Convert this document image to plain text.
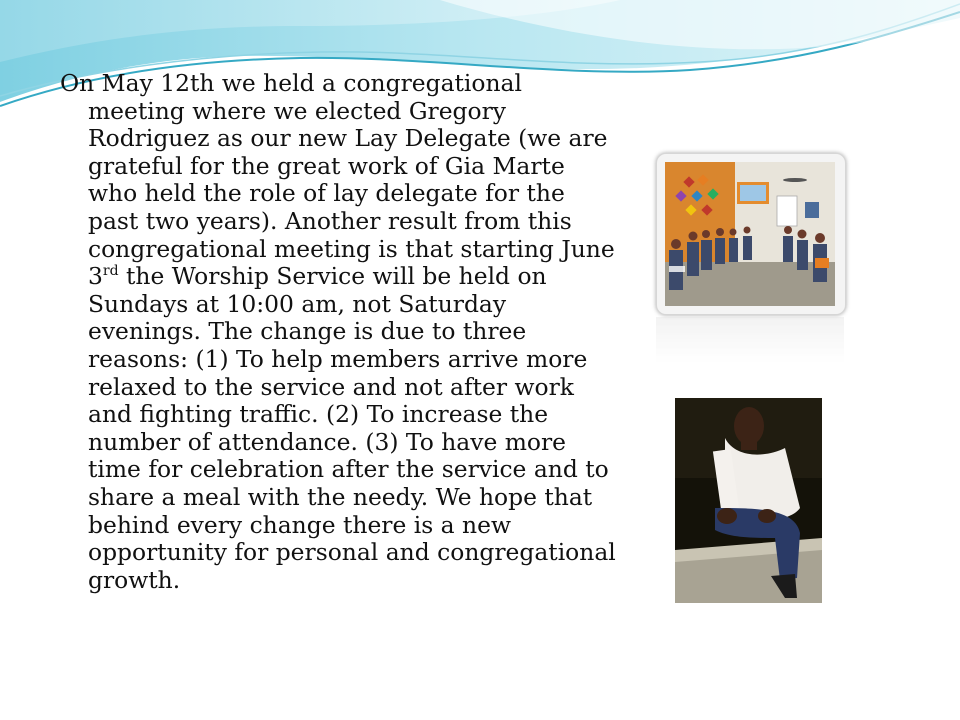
On May 12th we held a congregational meeting where we elected Gregory Rodriguez as our new Lay Delegate (we are grateful for the great work of Gia Marte who held the role of lay delegate for the past two years). Another result from this congregational meeting is that starting June 3rd the Worship Service will be held on Sundays at 10:00 am, not Saturday evenings. The change is due to three reasons: (1) To help members arrive more relaxed to the service and not after work and fighting traffic. (2) To increase the number of attendance. (3) To have more time for celebration after the service and to share a meal with the needy. We hope that behind every change there is a new opportunity for personal and congregational growth.
